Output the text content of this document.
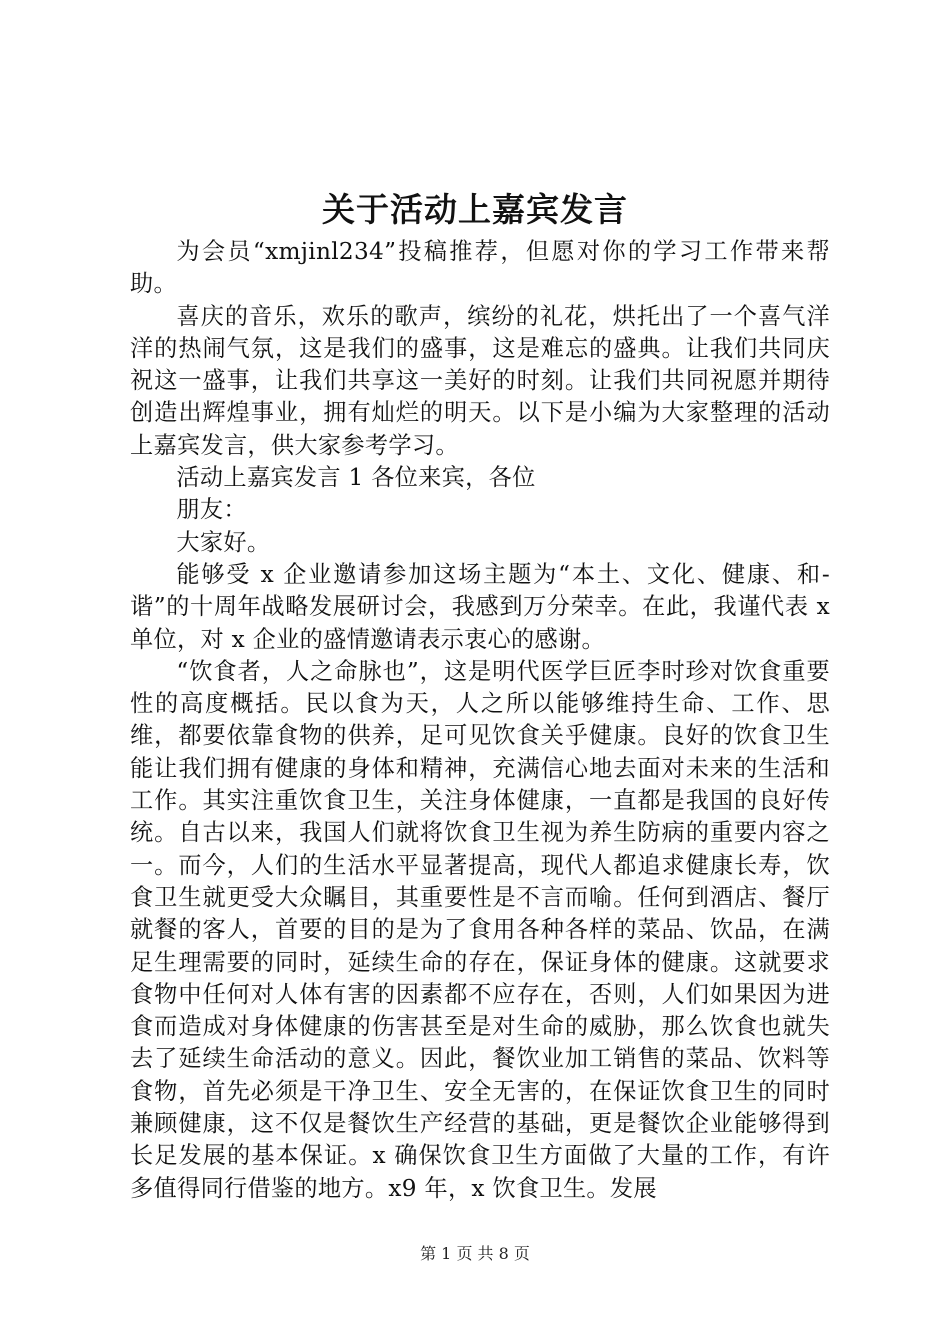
关于活动上嘉宾发言

为会员“xmjinl234”投稿推荐，但愿对你的学习工作带来帮助。

喜庆的音乐，欢乐的歌声，缤纷的礼花，烘托出了一个喜气洋洋的热闹气氛，这是我们的盛事，这是难忘的盛典。让我们共同庆祝这一盛事，让我们共享这一美好的时刻。让我们共同祝愿并期待创造出辉煌事业，拥有灿烂的明天。以下是小编为大家整理的活动上嘉宾发言，供大家参考学习。

活动上嘉宾发言 1 各位来宾，各位

朋友：

大家好。

能够受 x 企业邀请参加这场主题为“本土、文化、健康、和-谐”的十周年战略发展研讨会，我感到万分荣幸。在此，我谨代表 x 单位，对 x 企业的盛情邀请表示衷心的感谢。

“饮食者，人之命脉也”，这是明代医学巨匠李时珍对饮食重要性的高度概括。民以食为天，人之所以能够维持生命、工作、思维，都要依靠食物的供养，足可见饮食关乎健康。良好的饮食卫生能让我们拥有健康的身体和精神，充满信心地去面对未来的生活和工作。其实注重饮食卫生，关注身体健康，一直都是我国的良好传统。自古以来，我国人们就将饮食卫生视为养生防病的重要内容之一。而今，人们的生活水平显著提高，现代人都追求健康长寿，饮食卫生就更受大众瞩目，其重要性是不言而喻。任何到酒店、餐厅就餐的客人，首要的目的是为了食用各种各样的菜品、饮品，在满足生理需要的同时，延续生命的存在，保证身体的健康。这就要求食物中任何对人体有害的因素都不应存在，否则，人们如果因为进食而造成对身体健康的伤害甚至是对生命的威胁，那么饮食也就失去了延续生命活动的意义。因此，餐饮业加工销售的菜品、饮料等食物，首先必须是干净卫生、安全无害的，在保证饮食卫生的同时兼顾健康，这不仅是餐饮生产经营的基础，更是餐饮企业能够得到长足发展的基本保证。x 确保饮食卫生方面做了大量的工作，有许多值得同行借鉴的地方。x9 年，x 饮食卫生。发展

第 1 页 共 8 页
